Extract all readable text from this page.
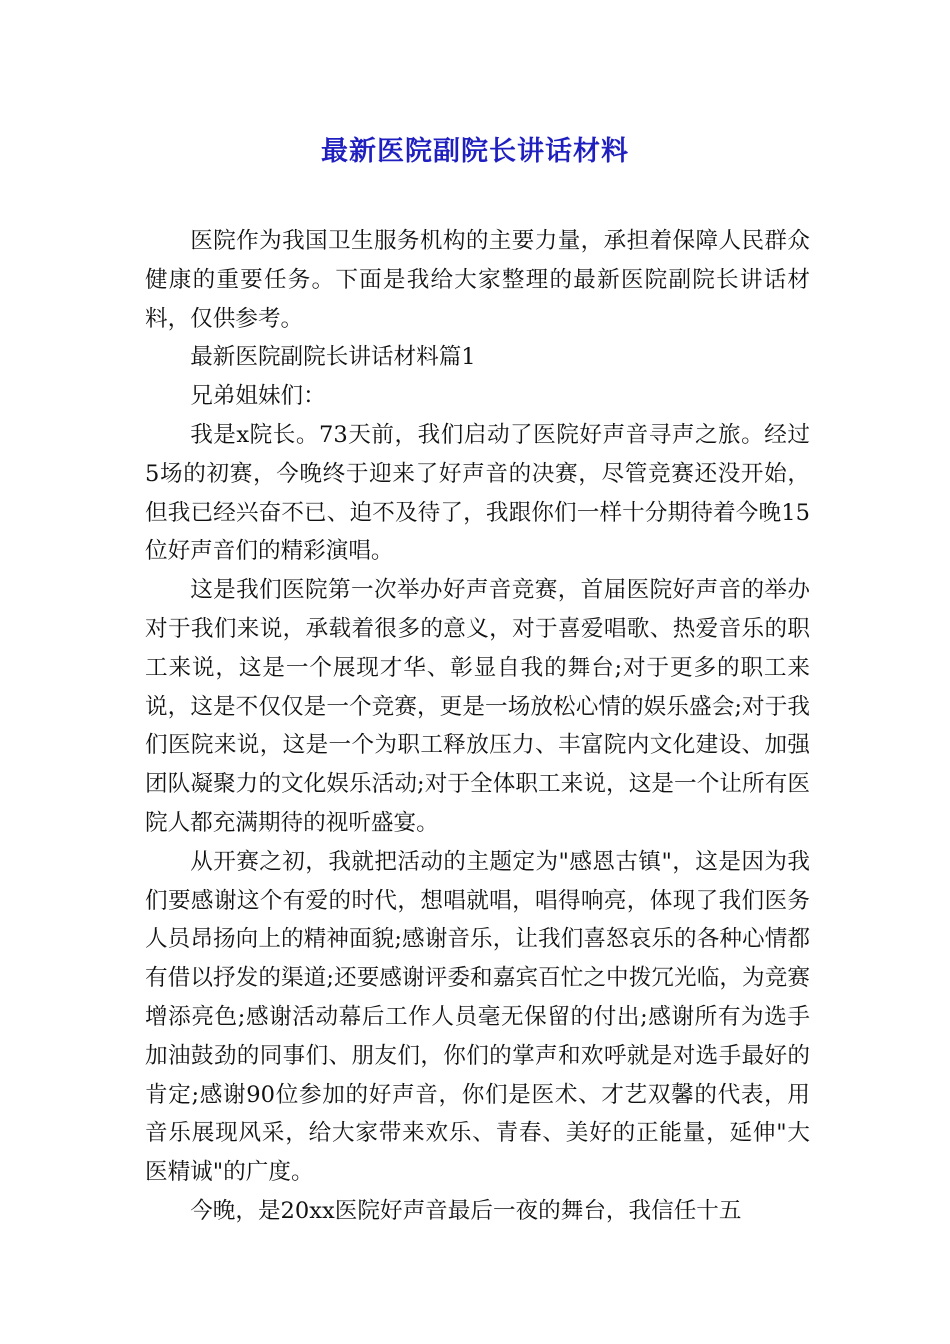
最新医院副院长讲话材料

医院作为我国卫生服务机构的主要力量，承担着保障人民群众健康的重要任务。下面是我给大家整理的最新医院副院长讲话材料，仅供参考。

最新医院副院长讲话材料篇1

兄弟姐妹们：

我是x院长。73天前，我们启动了医院好声音寻声之旅。经过5场的初赛，今晚终于迎来了好声音的决赛，尽管竞赛还没开始，但我已经兴奋不已、迫不及待了，我跟你们一样十分期待着今晚15位好声音们的精彩演唱。

这是我们医院第一次举办好声音竞赛，首届医院好声音的举办对于我们来说，承载着很多的意义，对于喜爱唱歌、热爱音乐的职工来说，这是一个展现才华、彰显自我的舞台;对于更多的职工来说，这是不仅仅是一个竞赛，更是一场放松心情的娱乐盛会;对于我们医院来说，这是一个为职工释放压力、丰富院内文化建设、加强团队凝聚力的文化娱乐活动;对于全体职工来说，这是一个让所有医院人都充满期待的视听盛宴。

从开赛之初，我就把活动的主题定为"感恩古镇"，这是因为我们要感谢这个有爱的时代，想唱就唱，唱得响亮，体现了我们医务人员昂扬向上的精神面貌;感谢音乐，让我们喜怒哀乐的各种心情都有借以抒发的渠道;还要感谢评委和嘉宾百忙之中拨冗光临，为竞赛增添亮色;感谢活动幕后工作人员毫无保留的付出;感谢所有为选手加油鼓劲的同事们、朋友们，你们的掌声和欢呼就是对选手最好的肯定;感谢90位参加的好声音，你们是医术、才艺双馨的代表，用音乐展现风采，给大家带来欢乐、青春、美好的正能量，延伸"大医精诚"的广度。

今晚，是20xx医院好声音最后一夜的舞台，我信任十五
